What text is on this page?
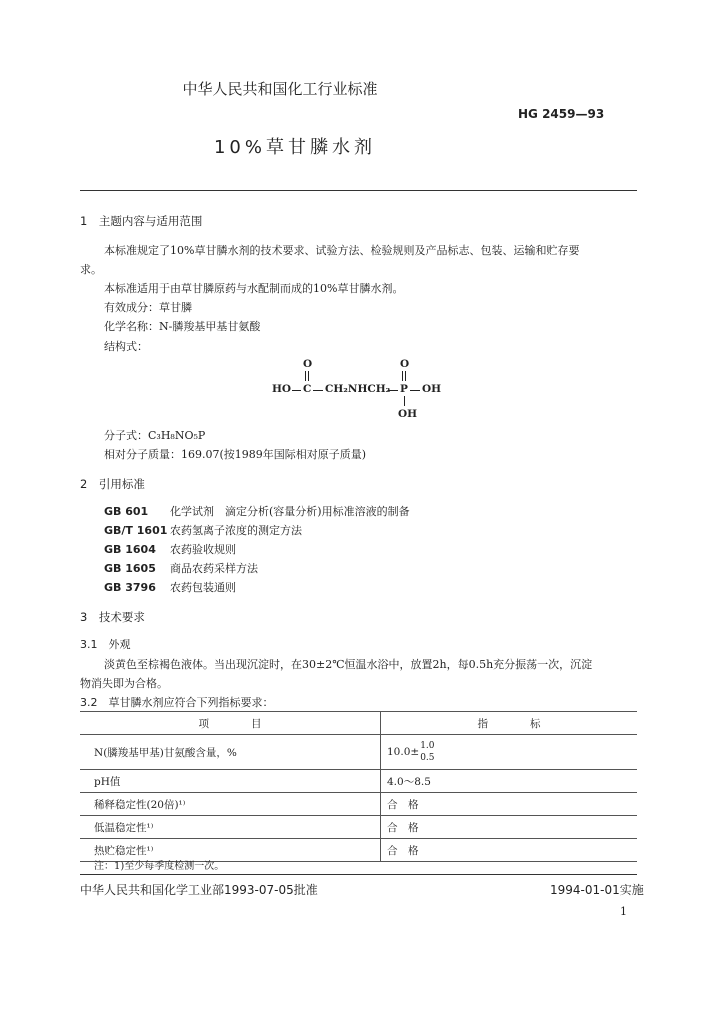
中华人民共和国化工行业标准
HG 2459—93
10%草甘膦水剂
1　主题内容与适用范围
本标准规定了10%草甘膦水剂的技术要求、试验方法、检验规则及产品标志、包装、运输和贮存要
求。
本标准适用于由草甘膦原药与水配制而成的10%草甘膦水剂。
有效成分：草甘膦
化学名称：N-膦羧基甲基甘氨酸
结构式：
O	O
HO C CH₂NHCH₂ P OH
OH
分子式：C₃H₈NO₅P
相对分子质量：169.07(按1989年国际相对原子质量)
2　引用标准
GB 601 化学试剂　滴定分析(容量分析)用标准溶液的制备
GB/T 1601 农药氢离子浓度的测定方法
GB 1604 农药验收规则
GB 1605 商品农药采样方法
GB 3796 农药包装通则
3　技术要求
3.1　外观
淡黄色至棕褐色液体。当出现沉淀时，在30±2℃恒温水浴中，放置2h，每0.5h充分振荡一次，沉淀
物消失即为合格。
3.2　草甘膦水剂应符合下列指标要求：
项　　　　目	指　　　　标
N(膦羧基甲基)甘氨酸含量，%	10.0± 1.0
0.5

pH值	4.0～8.5
稀释稳定性(20倍)¹⁾	合　格
低温稳定性¹⁾	合　格
热贮稳定性¹⁾	合　格
注：1)至少每季度检测一次。
中华人民共和国化学工业部1993-07-05批准	1994-01-01实施
1
